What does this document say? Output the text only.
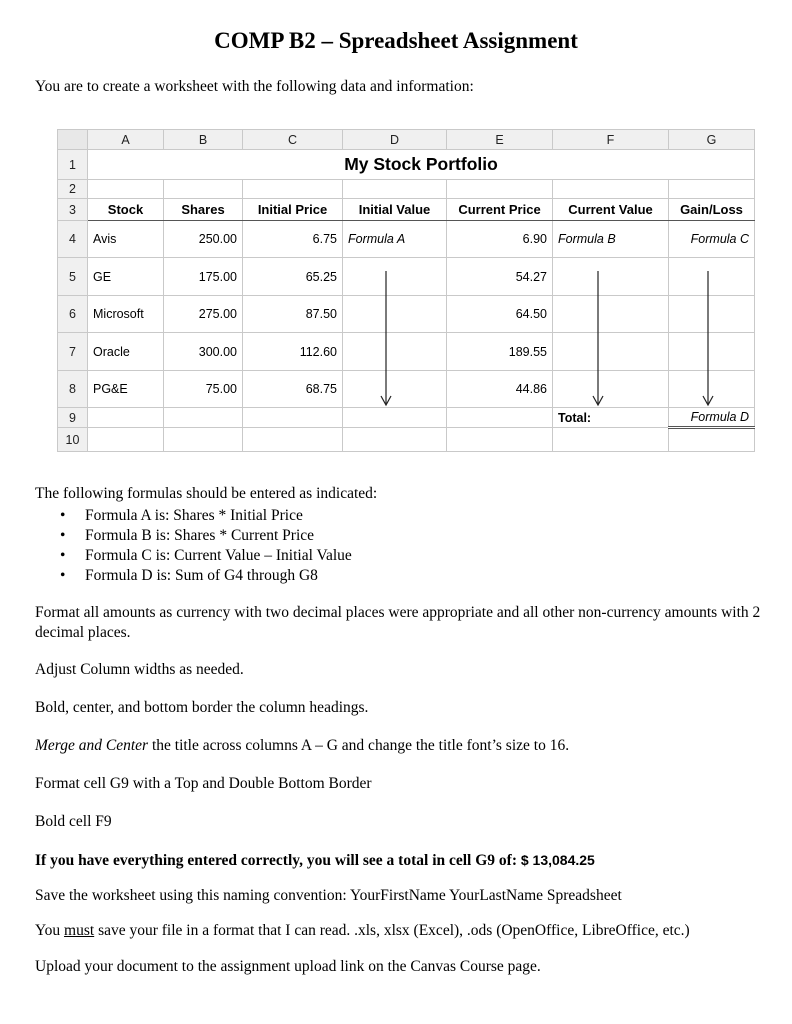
COMP B2 – Spreadsheet Assignment
You are to create a worksheet with the following data and information:
	A	B	C	D	E	F	G
1	My Stock Portfolio						
2							
3	Stock	Shares	Initial Price	Initial Value	Current Price	Current Value	Gain/Loss
4	Avis	250.00	6.75	Formula A	6.90	Formula B	Formula C
5	GE	175.00	65.25		54.27		
6	Microsoft	275.00	87.50		64.50		
7	Oracle	300.00	112.60		189.55		
8	PG&E	75.00	68.75		44.86		
9						Total:	Formula D
10							
The following formulas should be entered as indicated:
• Formula A is: Shares * Initial Price
• Formula B is: Shares * Current Price
• Formula C is: Current Value – Initial Value
• Formula D is: Sum of G4 through G8
Format all amounts as currency with two decimal places were appropriate and all other non-currency amounts with 2 decimal places.
Adjust Column widths as needed.
Bold, center, and bottom border the column headings.
Merge and Center the title across columns A – G and change the title font’s size to 16.
Format cell G9 with a Top and Double Bottom Border
Bold cell F9
If you have everything entered correctly, you will see a total in cell G9 of: $ 13,084.25
Save the worksheet using this naming convention: YourFirstName YourLastName Spreadsheet
You must save your file in a format that I can read. .xls, xlsx (Excel), .ods (OpenOffice, LibreOffice, etc.)
Upload your document to the assignment upload link on the Canvas Course page.
